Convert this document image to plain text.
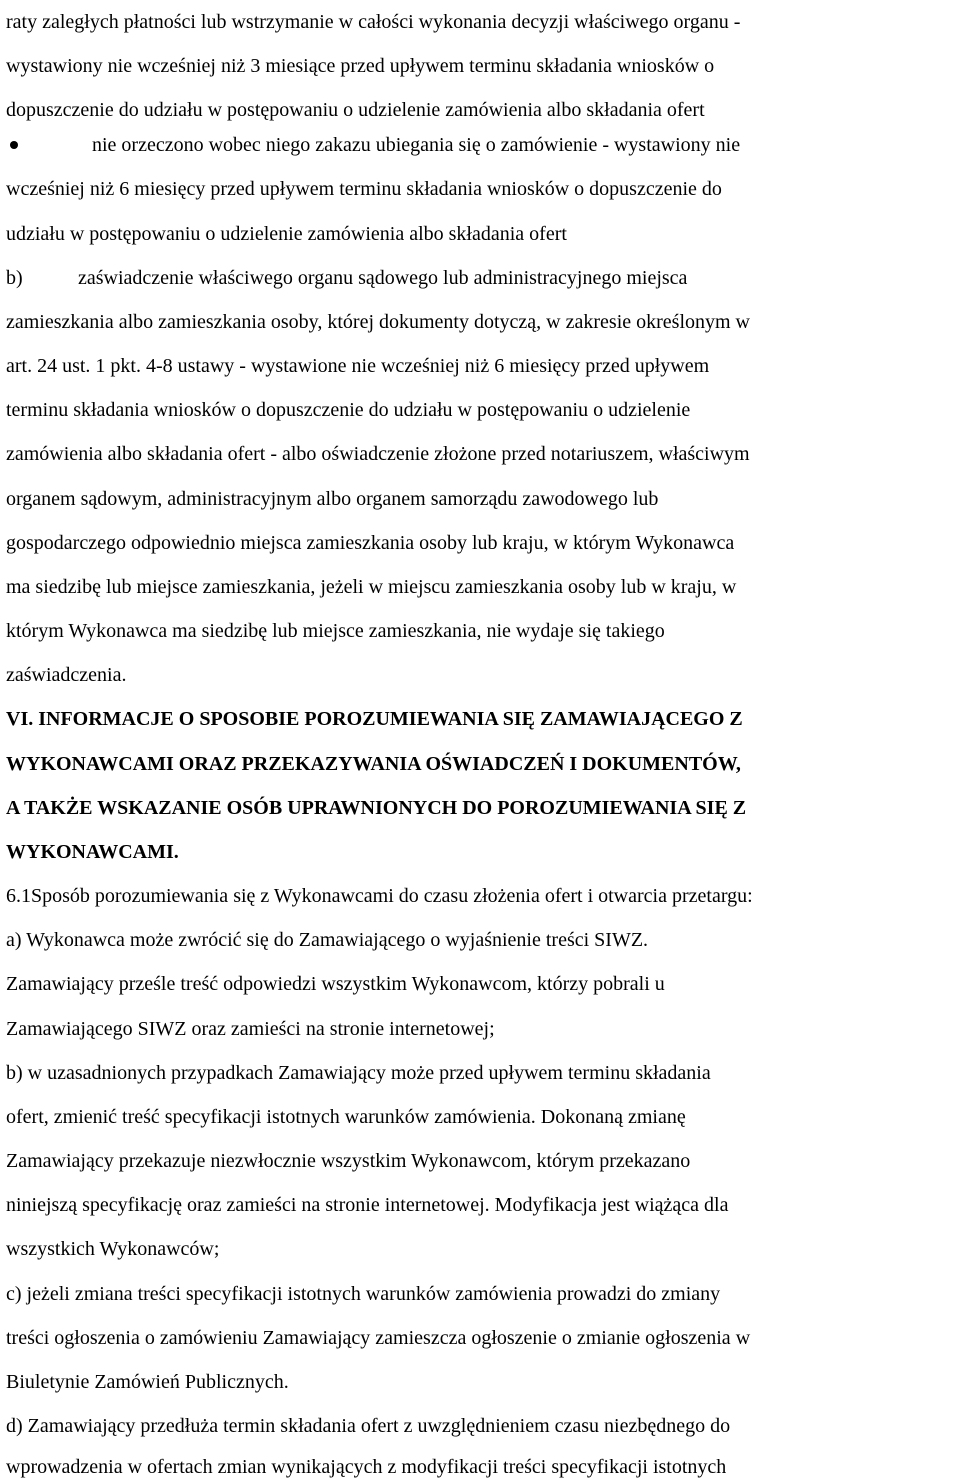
raty zaległych płatności lub wstrzymanie w całości wykonania decyzji właściwego organu -
wystawiony nie wcześniej niż 3 miesiące przed upływem terminu składania wniosków o
dopuszczenie do udziału w postępowaniu o udzielenie zamówienia albo składania ofert
nie orzeczono wobec niego zakazu ubiegania się o zamówienie - wystawiony nie
wcześniej niż 6 miesięcy przed upływem terminu składania wniosków o dopuszczenie do
udziału w postępowaniu o udzielenie zamówienia albo składania ofert
b)	zaświadczenie właściwego organu sądowego lub administracyjnego miejsca
zamieszkania albo zamieszkania osoby, której dokumenty dotyczą, w zakresie określonym w
art. 24 ust. 1 pkt. 4-8 ustawy - wystawione nie wcześniej niż 6 miesięcy przed upływem
terminu składania wniosków o dopuszczenie do udziału w postępowaniu o udzielenie
zamówienia albo składania ofert - albo oświadczenie złożone przed notariuszem, właściwym
organem sądowym, administracyjnym albo organem samorządu zawodowego lub
gospodarczego odpowiednio miejsca zamieszkania osoby lub kraju, w którym Wykonawca
ma siedzibę lub miejsce zamieszkania, jeżeli w miejscu zamieszkania osoby lub w kraju, w
którym Wykonawca ma siedzibę lub miejsce zamieszkania, nie wydaje się takiego
zaświadczenia.
VI. INFORMACJE O SPOSOBIE POROZUMIEWANIA SIĘ ZAMAWIAJĄCEGO Z
WYKONAWCAMI ORAZ PRZEKAZYWANIA OŚWIADCZEŃ I DOKUMENTÓW,
A TAKŻE WSKAZANIE OSÓB UPRAWNIONYCH DO POROZUMIEWANIA SIĘ Z
WYKONAWCAMI.
6.1Sposób porozumiewania się z Wykonawcami do czasu złożenia ofert i otwarcia przetargu:
a) Wykonawca może zwrócić się do Zamawiającego o wyjaśnienie treści SIWZ.
Zamawiający prześle treść odpowiedzi wszystkim Wykonawcom, którzy pobrali u
Zamawiającego SIWZ oraz zamieści na stronie internetowej;
b) w uzasadnionych przypadkach Zamawiający może przed upływem terminu składania
ofert, zmienić treść specyfikacji istotnych warunków zamówienia. Dokonaną zmianę
Zamawiający przekazuje niezwłocznie wszystkim Wykonawcom, którym przekazano
niniejszą specyfikację oraz zamieści na stronie internetowej. Modyfikacja jest wiążąca dla
wszystkich Wykonawców;
c) jeżeli zmiana treści specyfikacji istotnych warunków zamówienia prowadzi do zmiany
treści ogłoszenia o zamówieniu Zamawiający zamieszcza ogłoszenie o zmianie ogłoszenia w
Biuletynie Zamówień Publicznych.
d) Zamawiający przedłuża termin składania ofert z uwzględnieniem czasu niezbędnego do
wprowadzenia w ofertach zmian wynikających z modyfikacji treści specyfikacji istotnych
